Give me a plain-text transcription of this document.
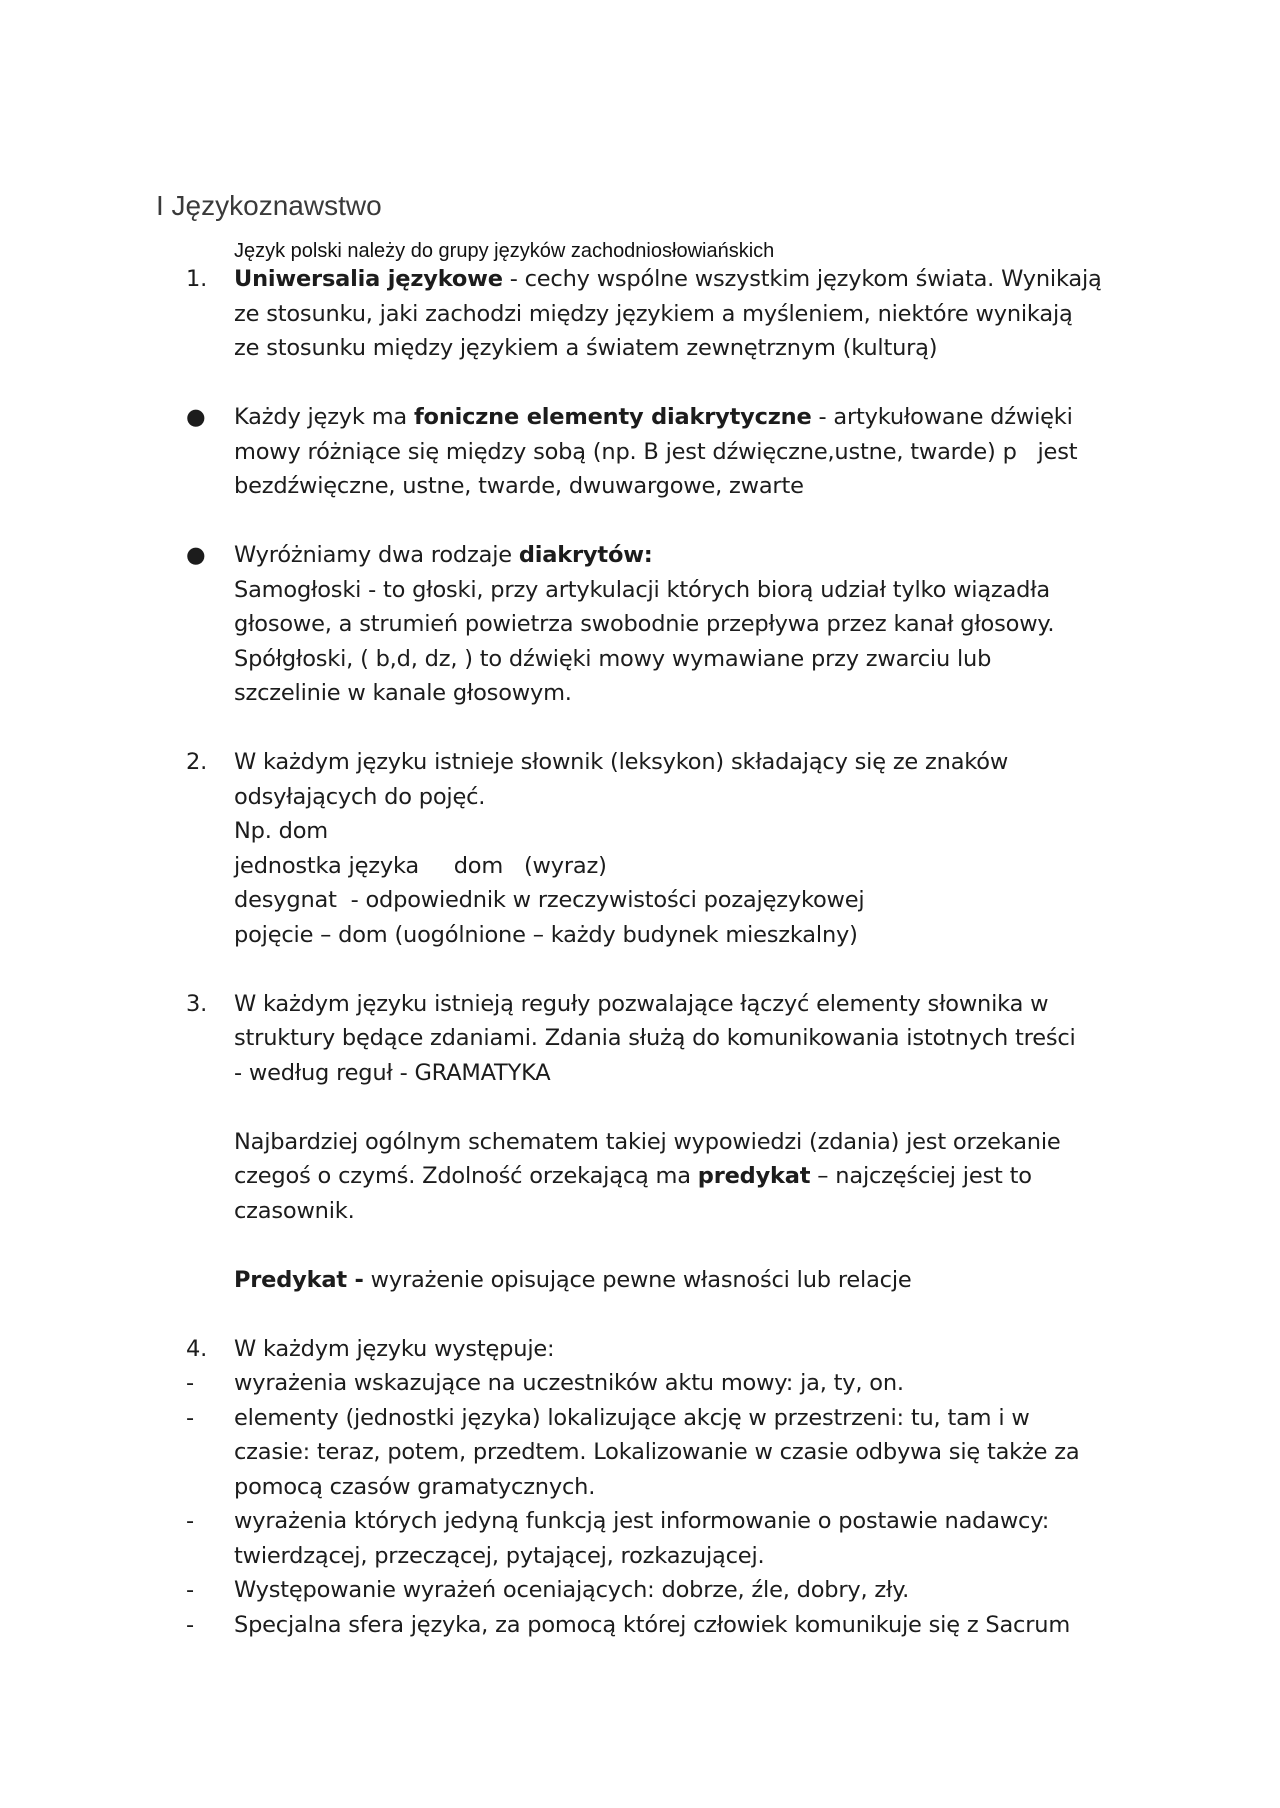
I Językoznawstwo
Język polski należy do grupy języków zachodniosłowiańskich
1. Uniwersalia językowe - cechy wspólne wszystkim językom świata. Wynikają
ze stosunku, jaki zachodzi między językiem a myśleniem, niektóre wynikają
ze stosunku między językiem a światem zewnętrznym (kulturą)
● Każdy język ma foniczne elementy diakrytyczne - artykułowane dźwięki
mowy różniące się między sobą (np. B jest dźwięczne,ustne, twarde) p   jest
bezdźwięczne, ustne, twarde, dwuwargowe, zwarte
● Wyróżniamy dwa rodzaje diakrytów:
Samogłoski - to głoski, przy artykulacji których biorą udział tylko wiązadła
głosowe, a strumień powietrza swobodnie przepływa przez kanał głosowy.
Spółgłoski, ( b,d, dz, ) to dźwięki mowy wymawiane przy zwarciu lub
szczelinie w kanale głosowym.
2. W każdym języku istnieje słownik (leksykon) składający się ze znaków
odsyłających do pojęć.
Np. dom
jednostka języka     dom   (wyraz)
desygnat  - odpowiednik w rzeczywistości pozajęzykowej
pojęcie – dom (uogólnione – każdy budynek mieszkalny)
3. W każdym języku istnieją reguły pozwalające łączyć elementy słownika w
struktury będące zdaniami. Zdania służą do komunikowania istotnych treści
- według reguł - GRAMATYKA
Najbardziej ogólnym schematem takiej wypowiedzi (zdania) jest orzekanie
czegoś o czymś. Zdolność orzekającą ma predykat – najczęściej jest to
czasownik.
Predykat - wyrażenie opisujące pewne własności lub relacje
4. W każdym języku występuje:
- wyrażenia wskazujące na uczestników aktu mowy: ja, ty, on.
- elementy (jednostki języka) lokalizujące akcję w przestrzeni: tu, tam i w
czasie: teraz, potem, przedtem. Lokalizowanie w czasie odbywa się także za
pomocą czasów gramatycznych.
- wyrażenia których jedyną funkcją jest informowanie o postawie nadawcy:
twierdzącej, przeczącej, pytającej, rozkazującej.
- Występowanie wyrażeń oceniających: dobrze, źle, dobry, zły.
- Specjalna sfera języka, za pomocą której człowiek komunikuje się z Sacrum
